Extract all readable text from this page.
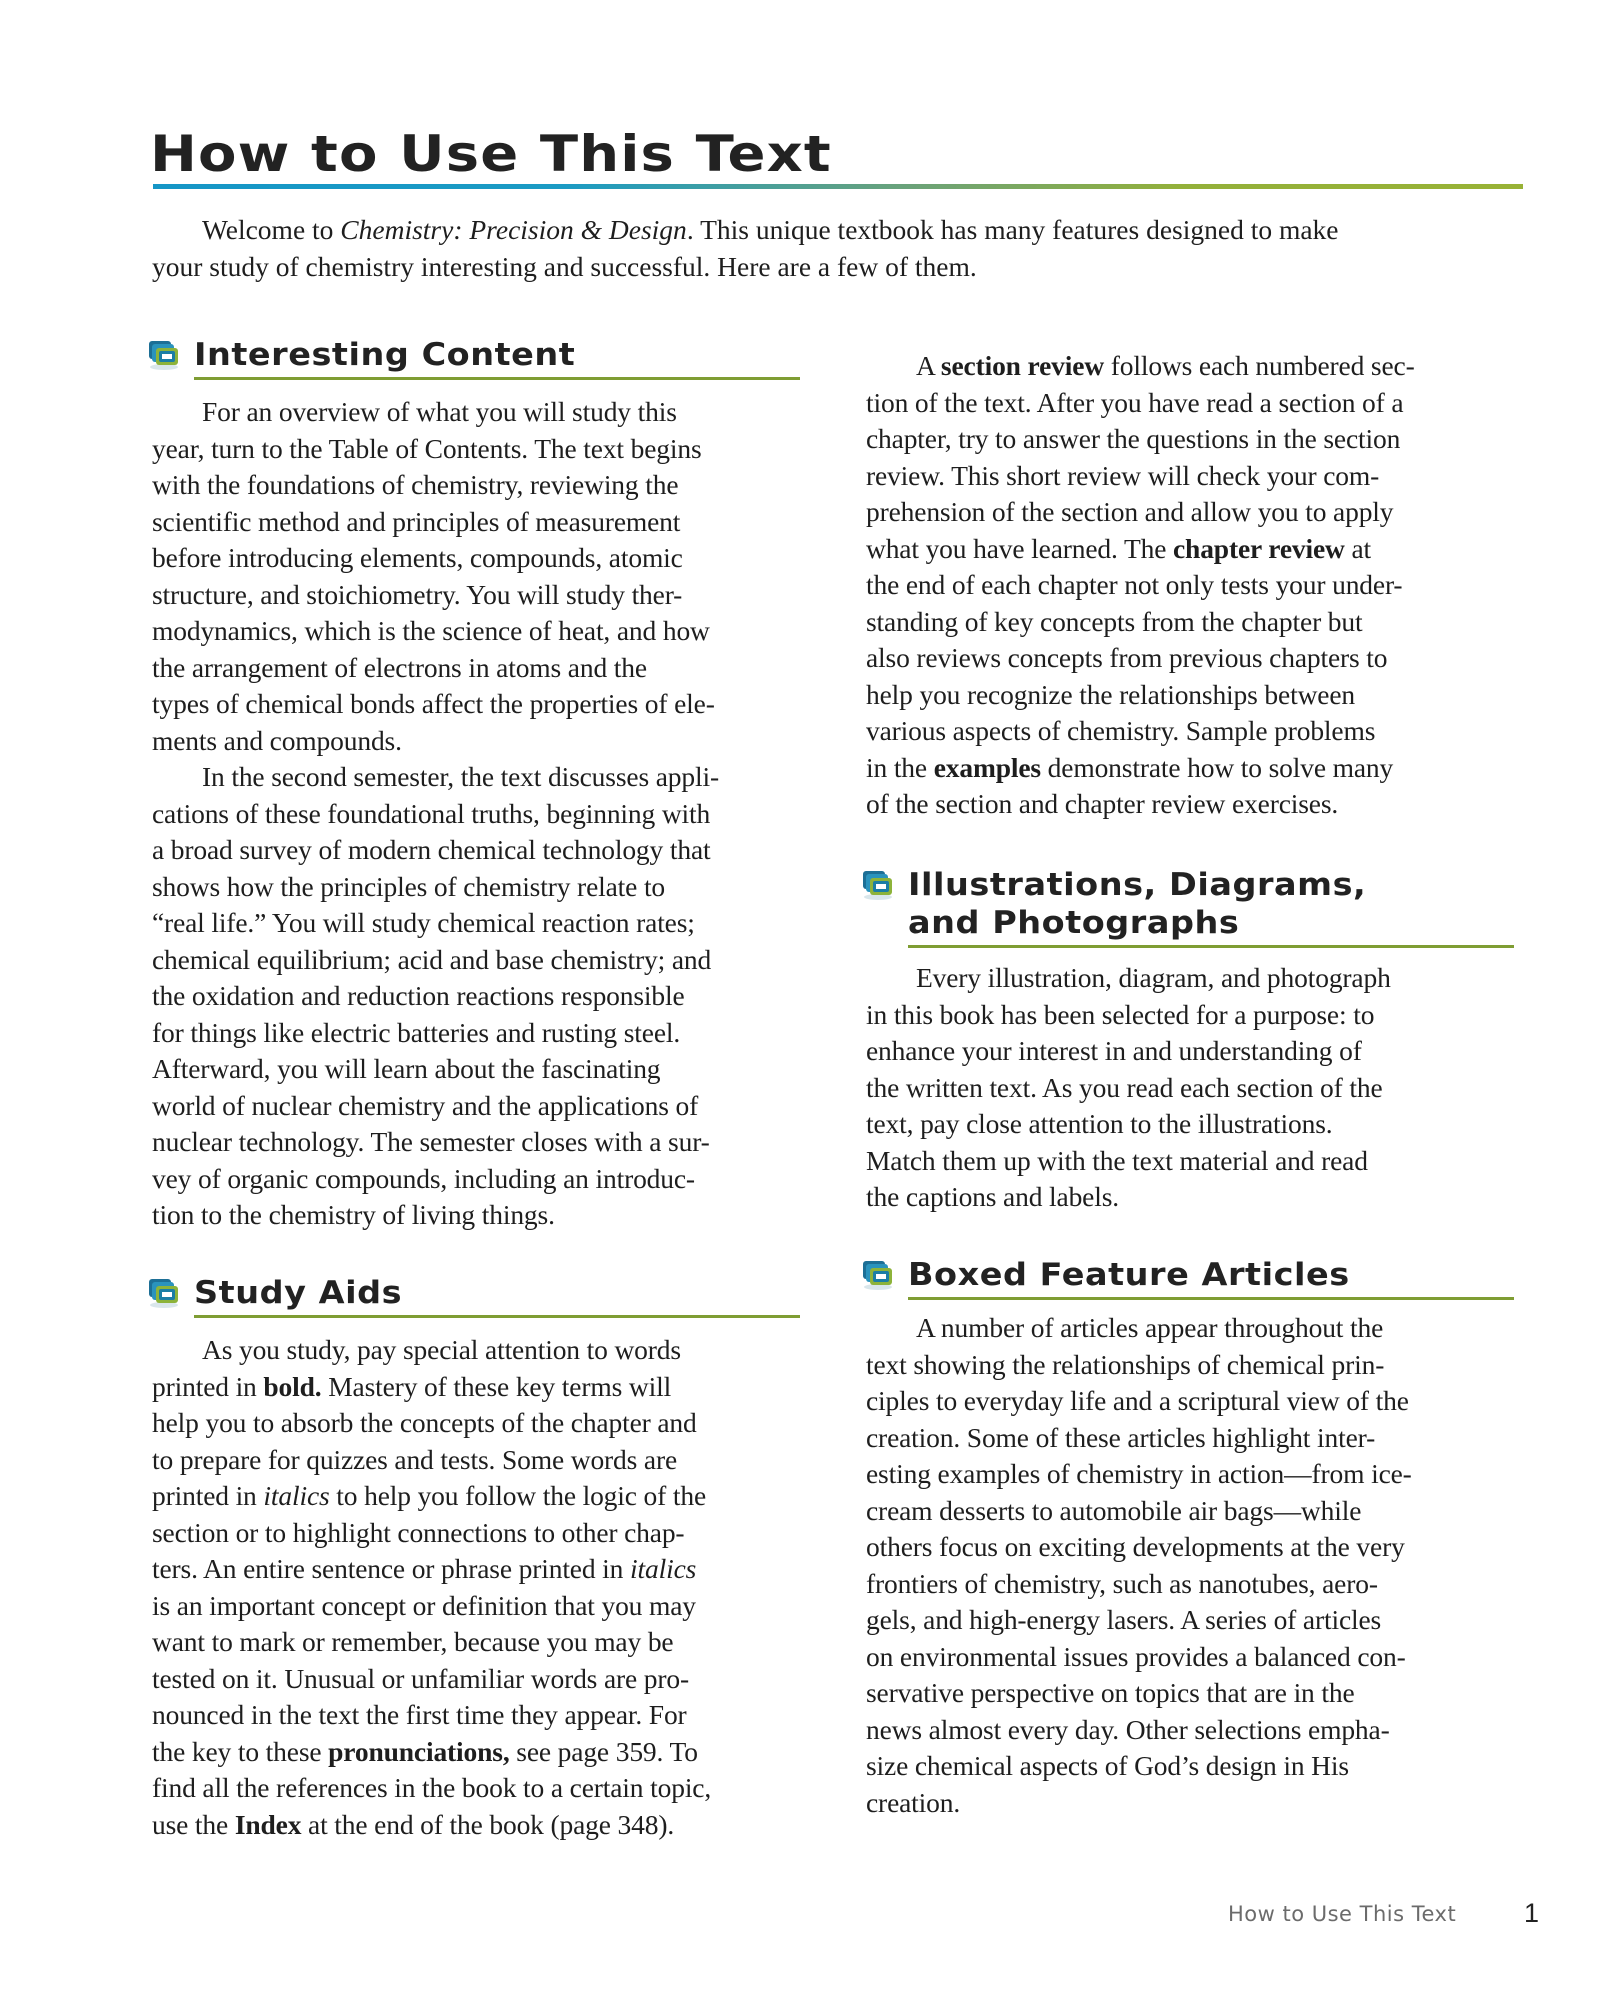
How to Use This Text

Welcome to Chemistry: Precision & Design. This unique textbook has many features designed to make
your study of chemistry interesting and successful. Here are a few of them.

Interesting Content

For an overview of what you will study this
year, turn to the Table of Contents. The text begins
with the foundations of chemistry, reviewing the
scientific method and principles of measurement
before introducing elements, compounds, atomic
structure, and stoichiometry. You will study ther-
modynamics, which is the science of heat, and how
the arrangement of electrons in atoms and the
types of chemical bonds affect the properties of ele-
ments and compounds.
In the second semester, the text discusses appli-
cations of these foundational truths, beginning with
a broad survey of modern chemical technology that
shows how the principles of chemistry relate to
“real life.” You will study chemical reaction rates;
chemical equilibrium; acid and base chemistry; and
the oxidation and reduction reactions responsible
for things like electric batteries and rusting steel.
Afterward, you will learn about the fascinating
world of nuclear chemistry and the applications of
nuclear technology. The semester closes with a sur-
vey of organic compounds, including an introduc-
tion to the chemistry of living things.

Study Aids

As you study, pay special attention to words
printed in bold. Mastery of these key terms will
help you to absorb the concepts of the chapter and
to prepare for quizzes and tests. Some words are
printed in italics to help you follow the logic of the
section or to highlight connections to other chap-
ters. An entire sentence or phrase printed in italics
is an important concept or definition that you may
want to mark or remember, because you may be
tested on it. Unusual or unfamiliar words are pro-
nounced in the text the first time they appear. For
the key to these pronunciations, see page 359. To
find all the references in the book to a certain topic,
use the Index at the end of the book (page 348).

A section review follows each numbered sec-
tion of the text. After you have read a section of a
chapter, try to answer the questions in the section
review. This short review will check your com-
prehension of the section and allow you to apply
what you have learned. The chapter review at
the end of each chapter not only tests your under-
standing of key concepts from the chapter but
also reviews concepts from previous chapters to
help you recognize the relationships between
various aspects of chemistry. Sample problems
in the examples demonstrate how to solve many
of the section and chapter review exercises.

Illustrations, Diagrams,
and Photographs

Every illustration, diagram, and photograph
in this book has been selected for a purpose: to
enhance your interest in and understanding of
the written text. As you read each section of the
text, pay close attention to the illustrations.
Match them up with the text material and read
the captions and labels.

Boxed Feature Articles

A number of articles appear throughout the
text showing the relationships of chemical prin-
ciples to everyday life and a scriptural view of the
creation. Some of these articles highlight inter-
esting examples of chemistry in action—from ice-
cream desserts to automobile air bags—while
others focus on exciting developments at the very
frontiers of chemistry, such as nanotubes, aero-
gels, and high-energy lasers. A series of articles
on environmental issues provides a balanced con-
servative perspective on topics that are in the
news almost every day. Other selections empha-
size chemical aspects of God’s design in His
creation.

How to Use This Text	1
